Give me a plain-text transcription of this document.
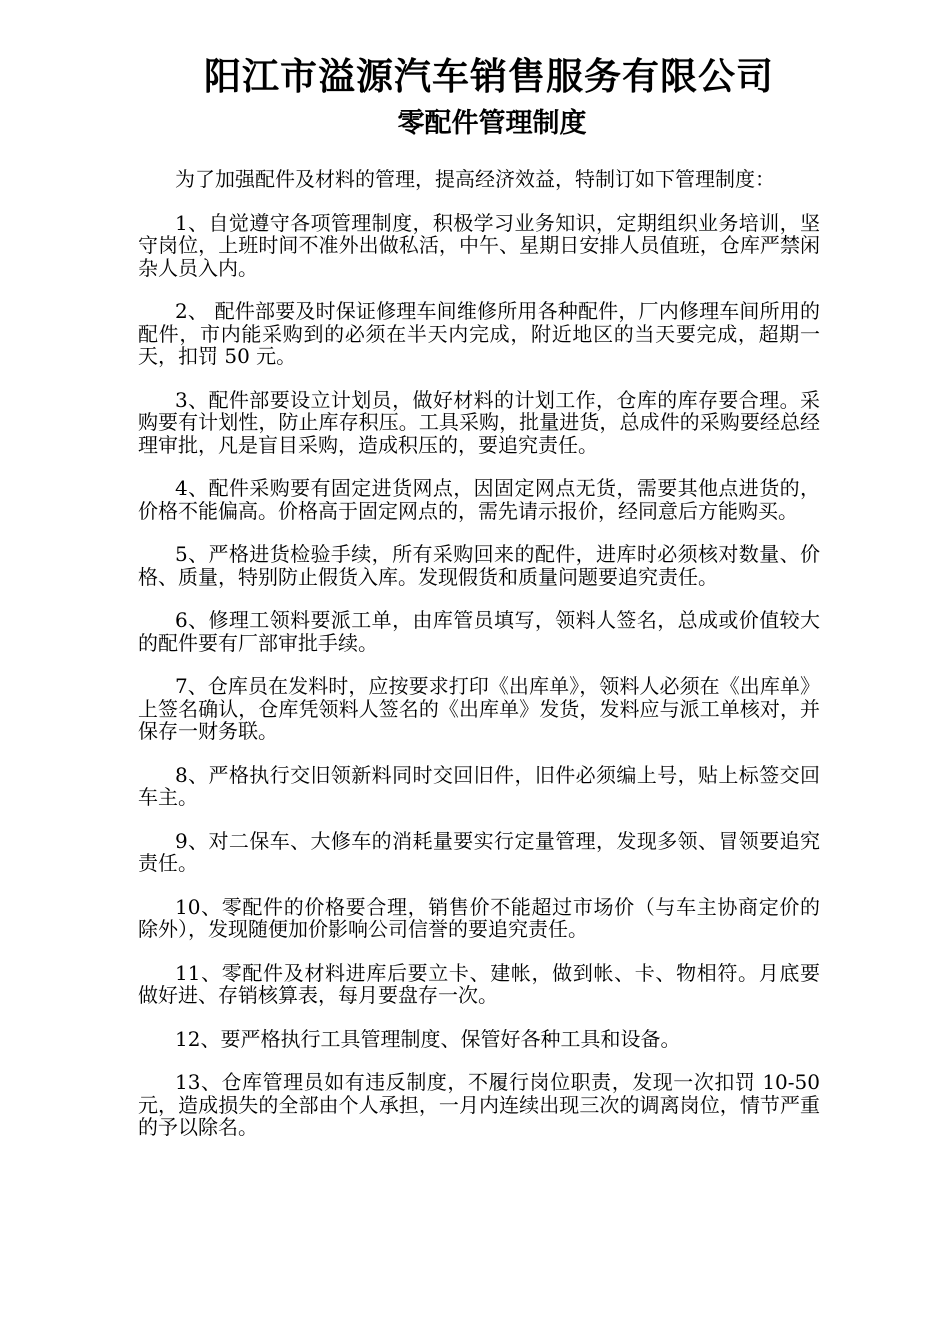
阳江市溢源汽车销售服务有限公司
零配件管理制度

为了加强配件及材料的管理，提高经济效益，特制订如下管理制度：

1、自觉遵守各项管理制度，积极学习业务知识，定期组织业务培训，坚守岗位，上班时间不准外出做私活，中午、星期日安排人员值班，仓库严禁闲杂人员入内。

2、 配件部要及时保证修理车间维修所用各种配件，厂内修理车间所用的配件，市内能采购到的必须在半天内完成，附近地区的当天要完成，超期一天，扣罚 50 元。

3、配件部要设立计划员，做好材料的计划工作，仓库的库存要合理。采购要有计划性，防止库存积压。工具采购，批量进货，总成件的采购要经总经理审批，凡是盲目采购，造成积压的，要追究责任。

4、配件采购要有固定进货网点，因固定网点无货，需要其他点进货的，价格不能偏高。价格高于固定网点的，需先请示报价，经同意后方能购买。

5、严格进货检验手续，所有采购回来的配件，进库时必须核对数量、价格、质量，特别防止假货入库。发现假货和质量问题要追究责任。

6、修理工领料要派工单，由库管员填写，领料人签名，总成或价值较大的配件要有厂部审批手续。

7、仓库员在发料时，应按要求打印《出库单》，领料人必须在《出库单》上签名确认，仓库凭领料人签名的《出库单》发货，发料应与派工单核对，并保存一财务联。

8、严格执行交旧领新料同时交回旧件，旧件必须编上号，贴上标签交回车主。

9、对二保车、大修车的消耗量要实行定量管理，发现多领、冒领要追究责任。

10、零配件的价格要合理，销售价不能超过市场价（与车主协商定价的除外），发现随便加价影响公司信誉的要追究责任。

11、零配件及材料进库后要立卡、建帐，做到帐、卡、物相符。月底要做好进、存销核算表，每月要盘存一次。

12、要严格执行工具管理制度、保管好各种工具和设备。

13、仓库管理员如有违反制度，不履行岗位职责，发现一次扣罚 10-50 元，造成损失的全部由个人承担，一月内连续出现三次的调离岗位，情节严重的予以除名。
